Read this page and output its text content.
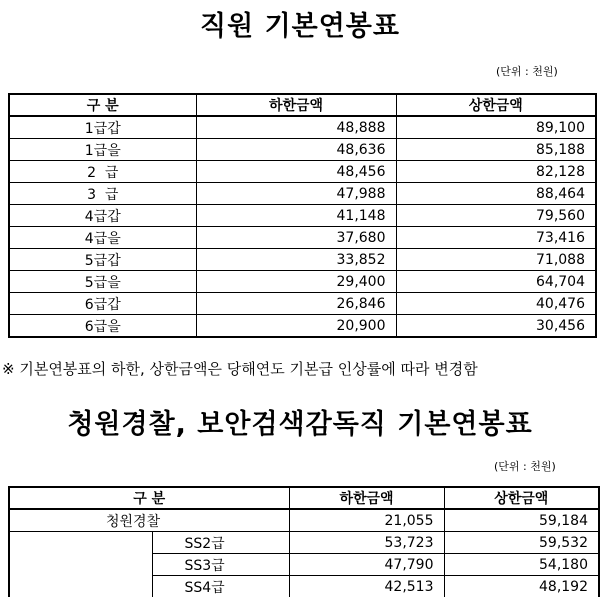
직원 기본연봉표
(단위 : 천원)
구 분	하한금액	상한금액
1급갑	48,888	89,100
1급을	48,636	85,188
2  급	48,456	82,128
3  급	47,988	88,464
4급갑	41,148	79,560
4급을	37,680	73,416
5급갑	33,852	71,088
5급을	29,400	64,704
6급갑	26,846	40,476
6급을	20,900	30,456
※ 기본연봉표의 하한, 상한금액은 당해연도 기본급 인상률에 따라 변경함
청원경찰, 보안검색감독직 기본연봉표
(단위 : 천원)
구 분		하한금액	상한금액
청원경찰		21,055	59,184
	SS2급	53,723	59,532
	SS3급	47,790	54,180
	SS4급	42,513	48,192
